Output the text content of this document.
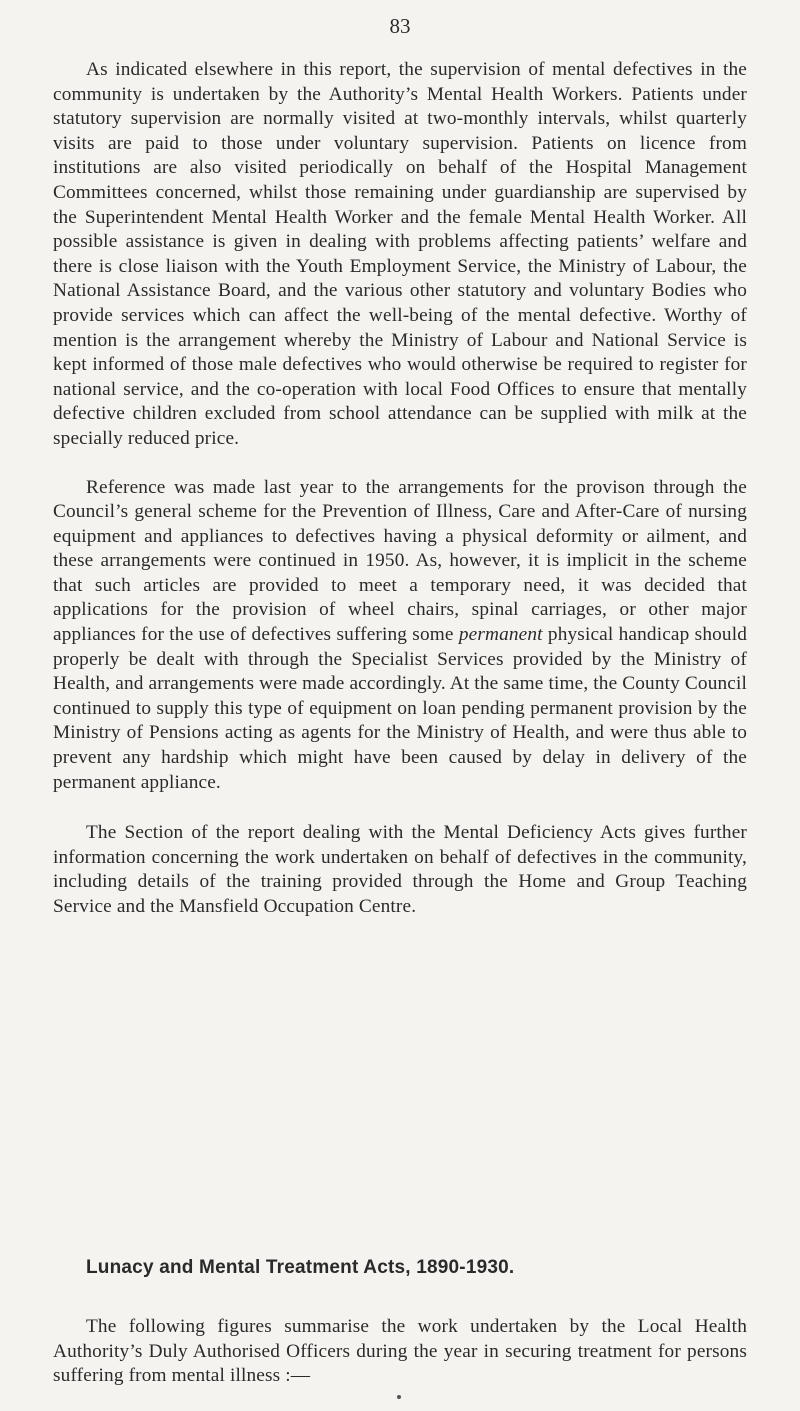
83

As indicated elsewhere in this report, the supervision of mental defectives in the community is undertaken by the Authority’s Mental Health Workers. Patients under statutory supervision are normally visited at two-monthly intervals, whilst quarterly visits are paid to those under voluntary supervision. Patients on licence from institutions are also visited periodically on behalf of the Hospital Management Committees concerned, whilst those remaining under guardianship are supervised by the Superintendent Mental Health Worker and the female Mental Health Worker. All possible assistance is given in dealing with problems affecting patients’ welfare and there is close liaison with the Youth Employment Service, the Ministry of Labour, the National Assistance Board, and the various other statutory and voluntary Bodies who provide services which can affect the well-being of the mental defective. Worthy of mention is the arrangement whereby the Ministry of Labour and National Service is kept informed of those male defectives who would otherwise be required to register for national service, and the co-operation with local Food Offices to ensure that mentally defective children excluded from school attendance can be supplied with milk at the specially reduced price.

Reference was made last year to the arrangements for the provison through the Council’s general scheme for the Prevention of Illness, Care and After-Care of nursing equipment and appliances to defectives having a physical deformity or ailment, and these arrangements were continued in 1950. As, however, it is implicit in the scheme that such articles are provided to meet a temporary need, it was decided that applications for the provision of wheel chairs, spinal carriages, or other major appliances for the use of defectives suffering some permanent physical handicap should properly be dealt with through the Specialist Services provided by the Ministry of Health, and arrangements were made accordingly. At the same time, the County Council continued to supply this type of equipment on loan pending permanent provision by the Ministry of Pensions acting as agents for the Ministry of Health, and were thus able to prevent any hardship which might have been caused by delay in delivery of the permanent appliance.

The Section of the report dealing with the Mental Deficiency Acts gives further information concerning the work undertaken on behalf of defectives in the community, including details of the training provided through the Home and Group Teaching Service and the Mansfield Occupation Centre.

Lunacy and Mental Treatment Acts, 1890-1930.

The following figures summarise the work undertaken by the Local Health Authority’s Duly Authorised Officers during the year in securing treatment for persons suffering from mental illness :—
